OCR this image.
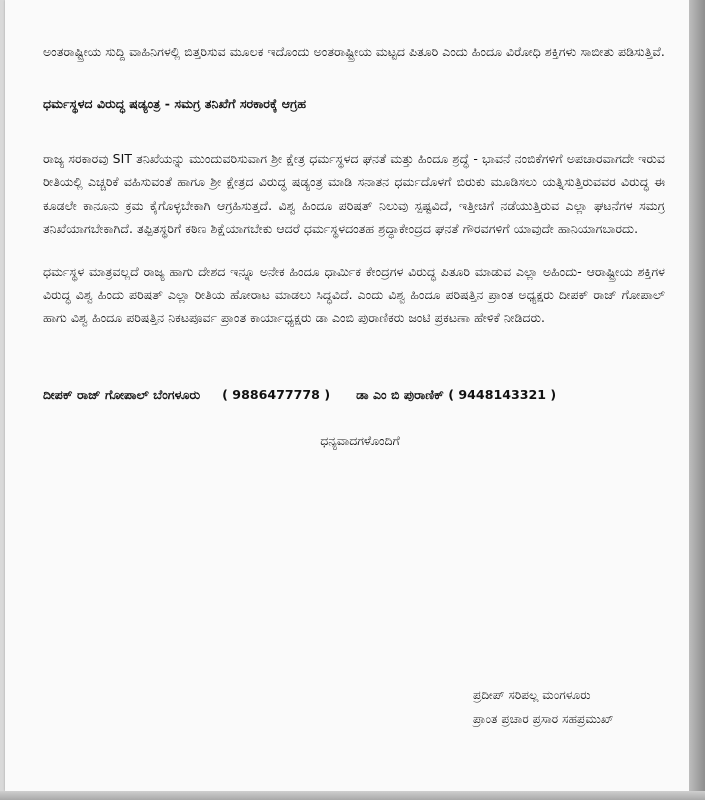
ಅಂತರಾಷ್ಟ್ರೀಯ ಸುದ್ದಿ ವಾಹಿನಿಗಳಲ್ಲಿ ಬಿತ್ತರಿಸುವ ಮೂಲಕ ಇದೊಂದು ಅಂತರಾಷ್ಟ್ರೀಯ ಮಟ್ಟದ ಪಿತೂರಿ ಎಂದು ಹಿಂದೂ ವಿರೋಧಿ ಶಕ್ತಿಗಳು ಸಾಬೀತು ಪಡಿಸುತ್ತಿವೆ.

ಧರ್ಮಸ್ಥಳದ ವಿರುದ್ಧ ಷಡ್ಯಂತ್ರ - ಸಮಗ್ರ ತನಿಖೆಗೆ ಸರಕಾರಕ್ಕೆ ಆಗ್ರಹ

ರಾಜ್ಯ ಸರಕಾರವು SIT ತನಿಖೆಯನ್ನು ಮುಂದುವರಿಸುವಾಗ ಶ್ರೀ ಕ್ಷೇತ್ರ ಧರ್ಮಸ್ಥಳದ ಘನತೆ ಮತ್ತು ಹಿಂದೂ ಶ್ರದ್ಧೆ - ಭಾವನೆ ನಂಬಿಕೆಗಳಿಗೆ ಅಪಚಾರವಾಗದೇ ಇರುವ ರೀತಿಯಲ್ಲಿ ಎಚ್ಚರಿಕೆ ವಹಿಸುವಂತೆ ಹಾಗೂ ಶ್ರೀ ಕ್ಷೇತ್ರದ ವಿರುದ್ಧ ಷಡ್ಯಂತ್ರ ಮಾಡಿ ಸನಾತನ ಧರ್ಮದೊಳಗೆ ಬಿರುಕು ಮೂಡಿಸಲು ಯತ್ನಿಸುತ್ತಿರುವವರ ವಿರುದ್ಧ ಈ ಕೂಡಲೇ ಕಾನೂನು ಕ್ರಮ ಕೈಗೊಳ್ಳಬೇಕಾಗಿ ಆಗ್ರಹಿಸುತ್ತದೆ. ವಿಶ್ವ ಹಿಂದೂ ಪರಿಷತ್ ನಿಲುವು ಸ್ಪಷ್ಟವಿದೆ, ಇತ್ತೀಚಿಗೆ ನಡೆಯುತ್ತಿರುವ ಎಲ್ಲಾ ಘಟನೆಗಳ ಸಮಗ್ರ ತನಿಖೆಯಾಗಬೇಕಾಗಿದೆ. ತಪ್ಪಿತಸ್ಥರಿಗೆ ಕಠಿಣ ಶಿಕ್ಷೆಯಾಗಬೇಕು ಆದರೆ ಧರ್ಮಸ್ಥಳದಂತಹ ಶ್ರದ್ಧಾಕೇಂದ್ರದ ಘನತೆ ಗೌರವಗಳಿಗೆ ಯಾವುದೇ ಹಾನಿಯಾಗಬಾರದು.

ಧರ್ಮಸ್ಥಳ ಮಾತ್ರವಲ್ಲದೆ ರಾಜ್ಯ ಹಾಗು ದೇಶದ ಇನ್ನೂ ಅನೇಕ ಹಿಂದೂ ಧಾರ್ಮಿಕ ಕೇಂದ್ರಗಳ ವಿರುದ್ಧ ಪಿತೂರಿ ಮಾಡುವ ಎಲ್ಲಾ ಅಹಿಂದು- ಆರಾಷ್ಟ್ರೀಯ ಶಕ್ತಿಗಳ ವಿರುದ್ಧ ವಿಶ್ವ ಹಿಂದು ಪರಿಷತ್ ಎಲ್ಲಾ ರೀತಿಯ ಹೋರಾಟ ಮಾಡಲು ಸಿದ್ಧವಿದೆ. ಎಂದು ವಿಶ್ವ ಹಿಂದೂ ಪರಿಷತ್ತಿನ ಪ್ರಾಂತ ಅಧ್ಯಕ್ಷರು ದೀಪಕ್ ರಾಜ್ ಗೋಪಾಲ್ ಹಾಗು ವಿಶ್ವ ಹಿಂದೂ ಪರಿಷತ್ತಿನ ನಿಕಟಪೂರ್ವ ಪ್ರಾಂತ ಕಾರ್ಯಾಧ್ಯಕ್ಷರು ಡಾ ಎಂಬಿ ಪುರಾಣಿಕರು ಜಂಟಿ ಪ್ರಕಟಣಾ ಹೇಳಿಕೆ ನೀಡಿದರು.

ದೀಪಕ್ ರಾಜ್ ಗೋಪಾಲ್ ಬೆಂಗಳೂರು ( 9886477778 ) ಡಾ ಎಂ ಬಿ ಪುರಾಣಿಕ್ ( 9448143321 )
ಧನ್ಯವಾದಗಳೊಂದಿಗೆ
ಪ್ರದೀಪ್ ಸರಿಪಲ್ಲ ಮಂಗಳೂರು
ಪ್ರಾಂತ ಪ್ರಚಾರ ಪ್ರಸಾರ ಸಹಪ್ರಮುಖ್
